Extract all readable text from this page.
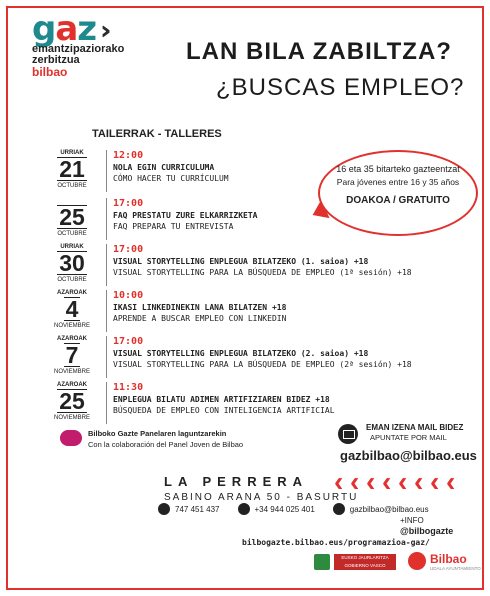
g a z ››
emantzipaziorako
zerbitzua
bilbao
LAN BILA ZABILTZA?
¿BUSCAS EMPLEO?
TAILERRAK - TALLERES
16 eta 35 bitarteko gazteentzat
Para jóvenes entre 16 y 35 años
DOAKOA / GRATUITO
URRIAK
21
OCTUBRE
12:00
NOLA EGIN CURRICULUMA
CÓMO HACER TU CURRÍCULUM
25
OCTUBRE
17:00
FAQ PRESTATU ZURE ELKARRIZKETA
FAQ PREPARA TU ENTREVISTA
URRIAK
30
OCTUBRE
17:00
VISUAL STORYTELLING ENPLEGUA BILATZEKO (1. saioa) +18
VISUAL STORYTELLING PARA LA BÚSQUEDA DE EMPLEO (1ª sesión) +18
AZAROAK
4
NOVIEMBRE
10:00
IKASI LINKEDINEKIN LANA BILATZEN +18
APRENDE A BUSCAR EMPLEO CON LINKEDIN
AZAROAK
7
NOVIEMBRE
17:00
VISUAL STORYTELLING ENPLEGUA BILATZEKO (2. saioa) +18
VISUAL STORYTELLING PARA LA BÚSQUEDA DE EMPLEO (2ª sesión) +18
AZAROAK
25
NOVIEMBRE
11:30
ENPLEGUA BILATU ADIMEN ARTIFIZIAREN BIDEZ +18
BÚSQUEDA DE EMPLEO CON INTELIGENCIA ARTIFICIAL
Bilboko Gazte Panelaren laguntzarekin
Con la colaboración del Panel Joven de Bilbao
EMAN IZENA MAIL BIDEZ
APUNTATE POR MAIL
gazbilbao@bilbao.eus
LA PERRERA
SABINO ARANA 50 - BASURTU
‹ ‹ ‹ ‹ ‹ ‹ ‹ ‹
747 451 437	+34 944 025 401	gazbilbao@bilbao.eus
+INFO
@bilbogazte
bilbogazte.bilbao.eus/programazioa-gaz/
EUSKO JAURLARITZA
GOBIERNO VASCO	Bilbao
UDALA AYUNTAMIENTO
